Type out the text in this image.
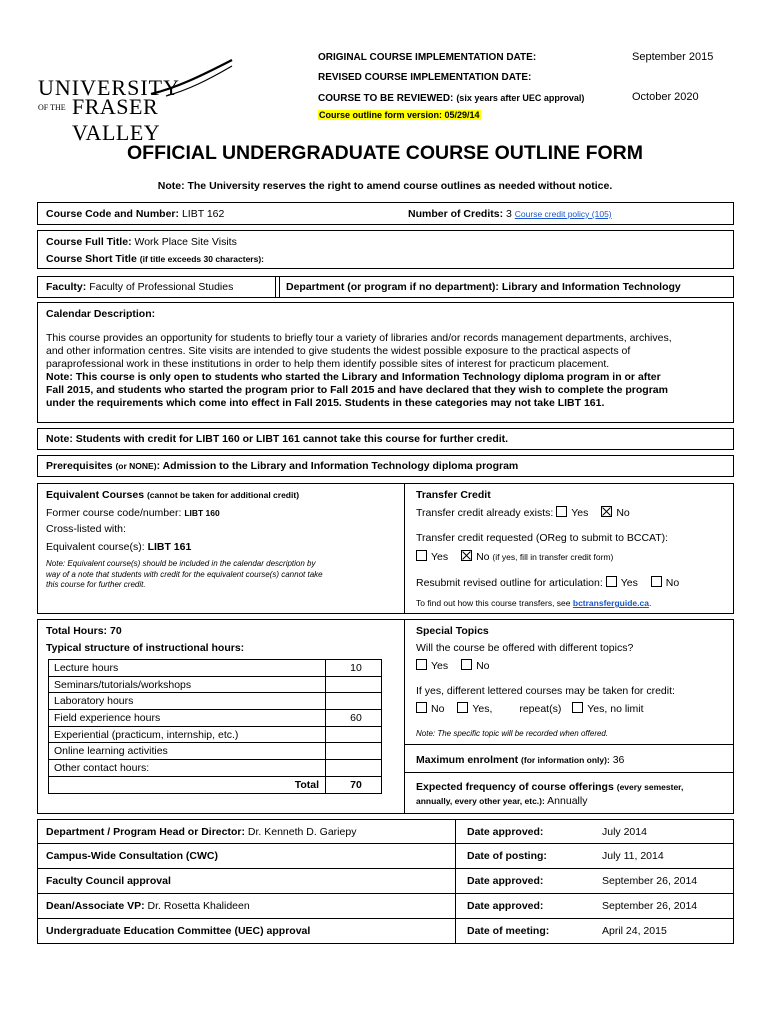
UNIVERSITY
OF THE FRASER VALLEY
ORIGINAL COURSE IMPLEMENTATION DATE:	September 2015
REVISED COURSE IMPLEMENTATION DATE:
COURSE TO BE REVIEWED: (six years after UEC approval)	October 2020
Course outline form version: 05/29/14
OFFICIAL UNDERGRADUATE COURSE OUTLINE FORM
Note: The University reserves the right to amend course outlines as needed without notice.
Course Code and Number: LIBT 162	Number of Credits: 3 Course credit policy (105)
Course Full Title: Work Place Site Visits
Course Short Title (if title exceeds 30 characters):
Faculty: Faculty of Professional Studies	Department (or program if no department): Library and Information Technology
Calendar Description:
This course provides an opportunity for students to briefly tour a variety of libraries and/or records management departments, archives,
and other information centres. Site visits are intended to give students the widest possible exposure to the practical aspects of
paraprofessional work in these institutions in order to help them identify possible sites of interest for practicum placement.
Note: This course is only open to students who started the Library and Information Technology diploma program in or after
Fall 2015, and students who started the program prior to Fall 2015 and have declared that they wish to complete the program
under the requirements which come into effect in Fall 2015. Students in these categories may not take LIBT 161.
Note: Students with credit for LIBT 160 or LIBT 161 cannot take this course for further credit.
Prerequisites (or NONE): Admission to the Library and Information Technology diploma program
Equivalent Courses (cannot be taken for additional credit)
Former course code/number: LIBT 160
Cross-listed with:
Equivalent course(s): LIBT 161
Note: Equivalent course(s) should be included in the calendar description by
way of a note that students with credit for the equivalent course(s) cannot take
this course for further credit.
Transfer Credit
Transfer credit already exists: Yes	No
Transfer credit requested (OReg to submit to BCCAT):
Yes	No (if yes, fill in transfer credit form)
Resubmit revised outline for articulation: Yes	No
To find out how this course transfers, see bctransferguide.ca.
Total Hours: 70
Typical structure of instructional hours:
Lecture hours	10
Seminars/tutorials/workshops	
Laboratory hours	
Field experience hours	60
Experiential (practicum, internship, etc.)	
Online learning activities	
Other contact hours:	
Total	70
Special Topics
Will the course be offered with different topics?
Yes	No
If yes, different lettered courses may be taken for credit:
No	Yes,	repeat(s) Yes, no limit
Note: The specific topic will be recorded when offered.
Maximum enrolment (for information only): 36
Expected frequency of course offerings (every semester,
annually, every other year, etc.): Annually
Department / Program Head or Director: Dr. Kenneth D. Gariepy	Date approved:	July 2014
Campus-Wide Consultation (CWC)	Date of posting:	July 11, 2014
Faculty Council approval	Date approved:	September 26, 2014
Dean/Associate VP: Dr. Rosetta Khalideen	Date approved:	September 26, 2014
Undergraduate Education Committee (UEC) approval	Date of meeting:	April 24, 2015
